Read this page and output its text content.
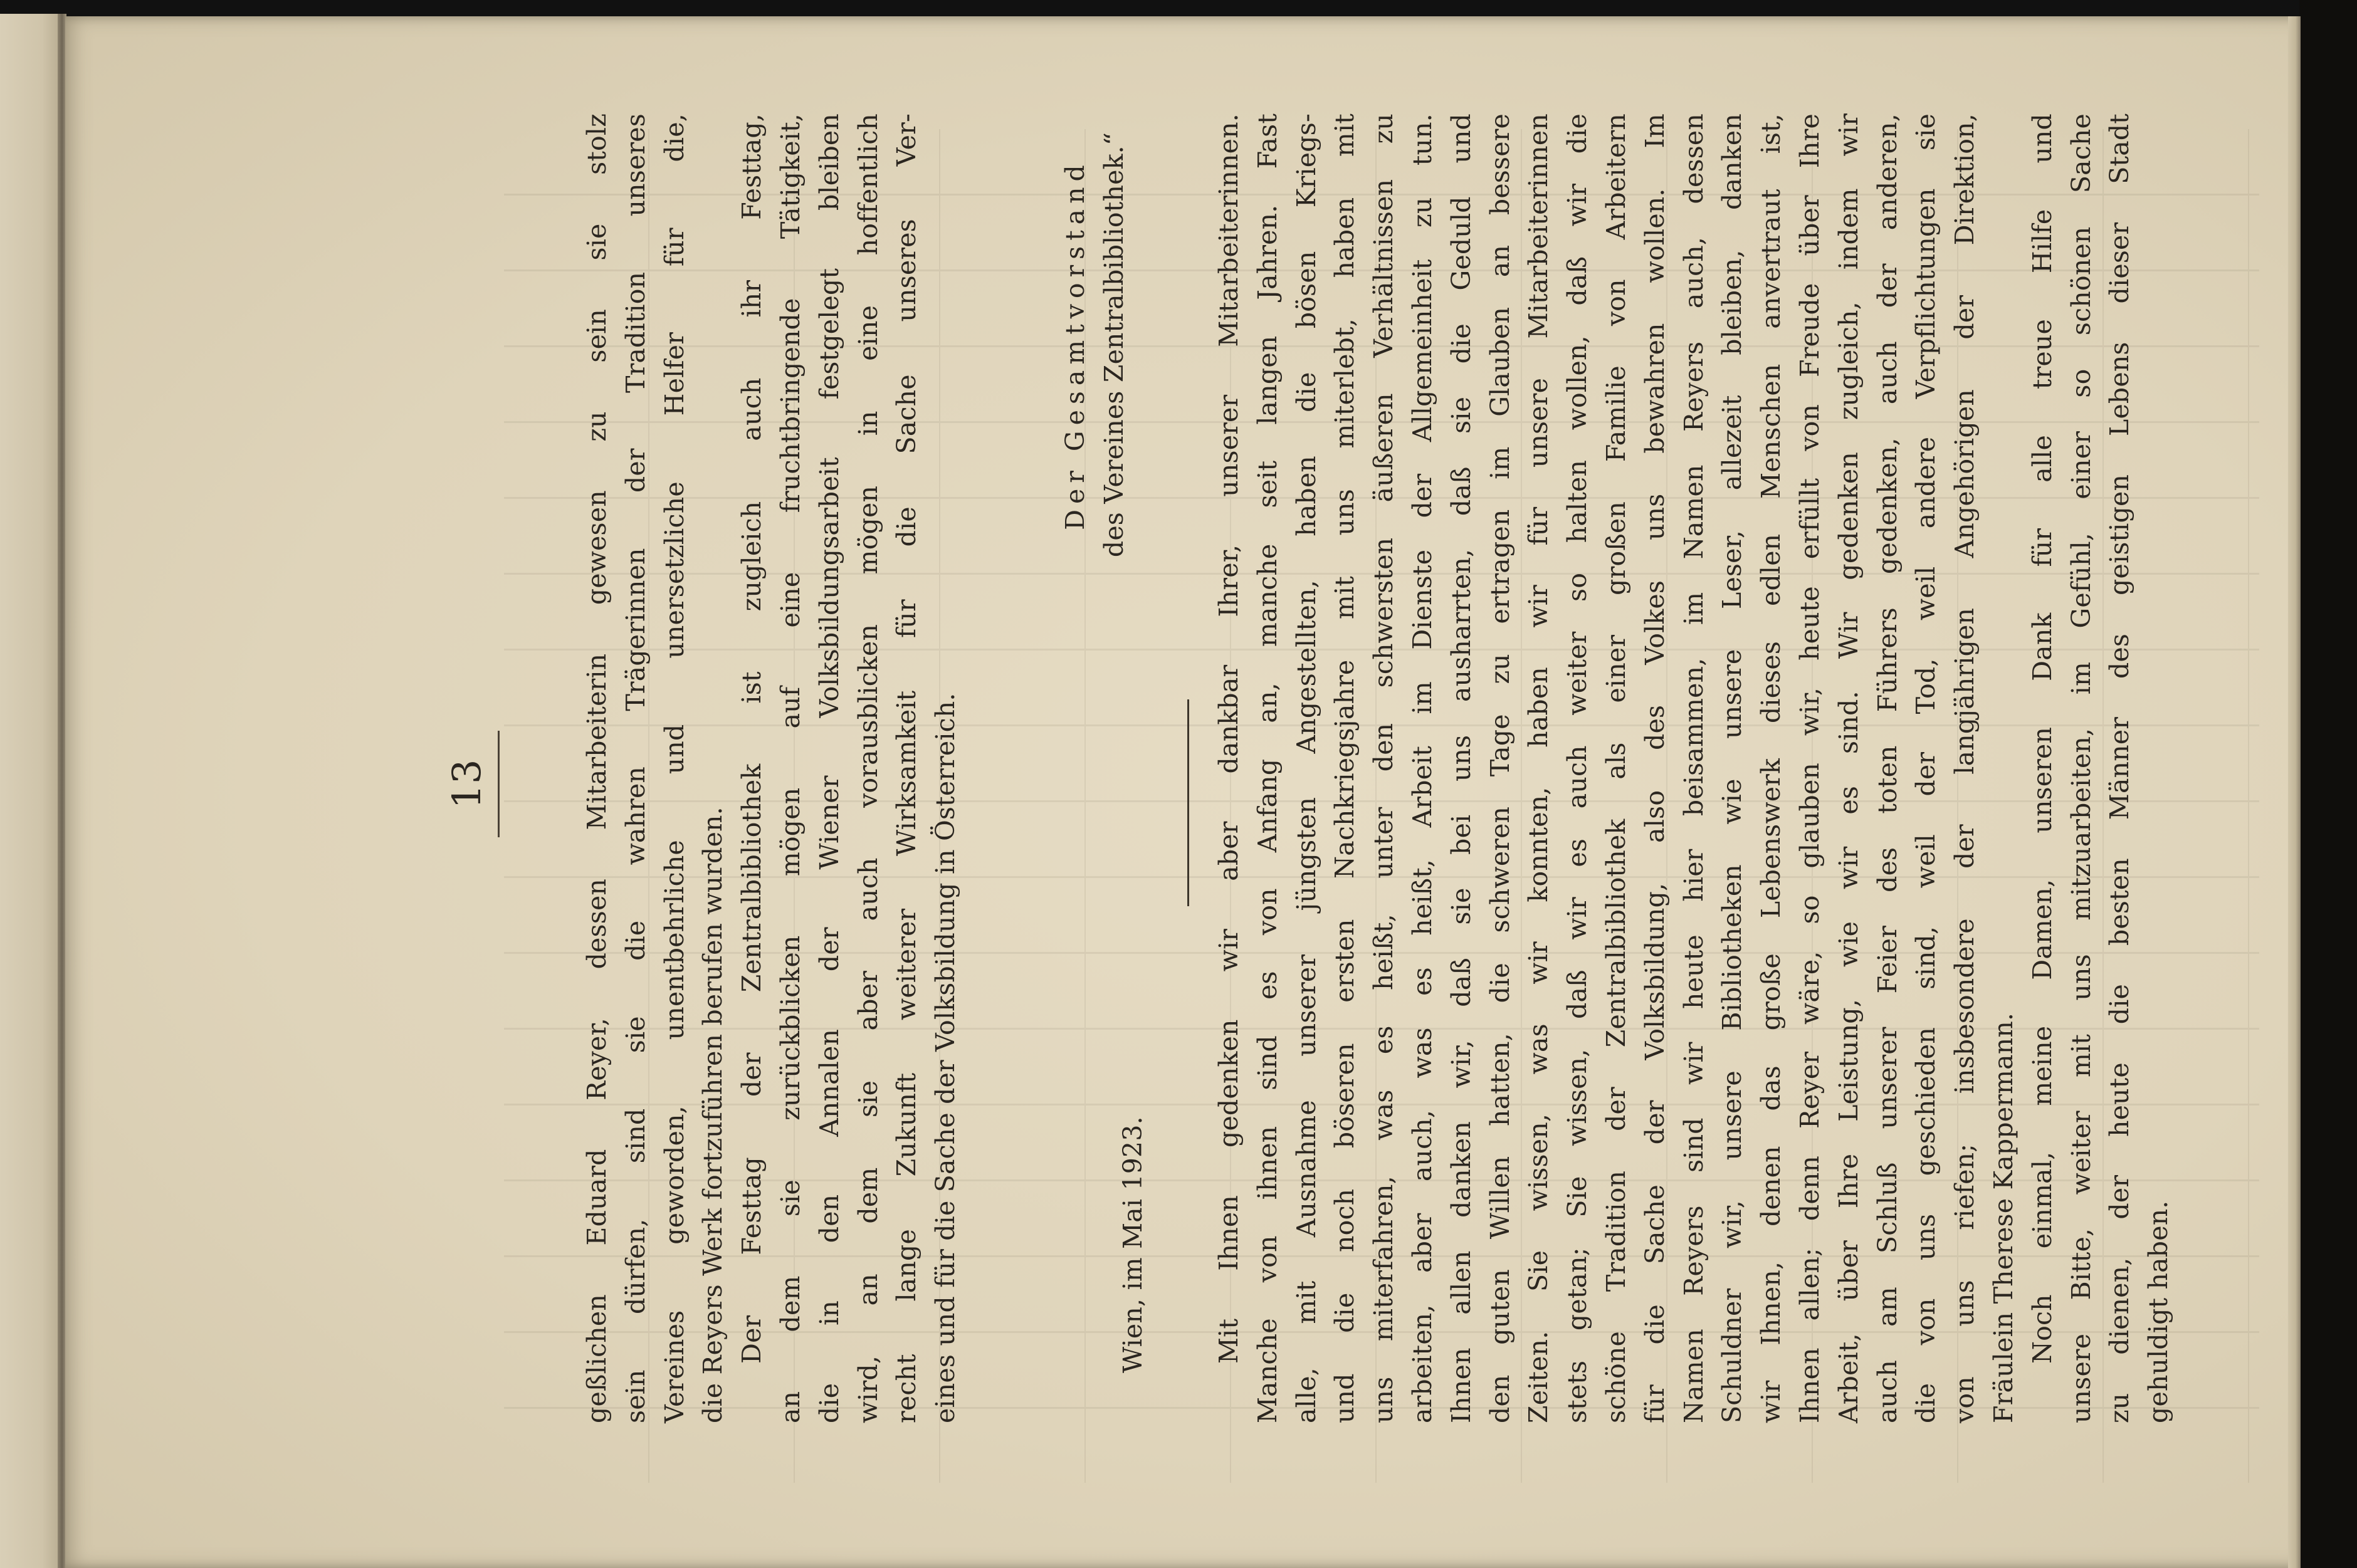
13	geßlichen Eduard Reyer, dessen Mitarbeiterin gewesen zu sein sie stolz sein dürfen, sind sie die wahren Trägerinnen der Tradition unseres Vereines geworden, unentbehrliche und unersetzliche Helfer für die, die Reyers Werk fortzuführen berufen wurden. Der Festtag der Zentralbibliothek ist zugleich auch ihr Festtag, an dem sie zurückblicken mögen auf eine fruchtbringende Tätigkeit, die in den Annalen der Wiener Volksbildungsarbeit festgelegt bleiben wird, an dem sie aber auch vorausblicken mögen in eine hoffentlich recht lange Zukunft weiterer Wirksamkeit für die Sache unseres Ver- eines und für die Sache der Volksbildung in Österreich.	Wien, im Mai 1923.
Der Gesamtvorstand des Vereines Zentralbibliothek.“	Mit Ihnen gedenken wir aber dankbar Ihrer, unserer Mitarbeiterinnen. Manche von ihnen sind es von Anfang an, manche seit langen Jahren. Fast alle, mit Ausnahme unserer jüngsten Angestellten, haben die bösen Kriegs- und die noch böseren ersten Nachkriegsjahre mit uns miterlebt, haben mit uns miterfahren, was es heißt, unter den schwersten äußeren Verhältnissen zu arbeiten, aber auch, was es heißt, Arbeit im Dienste der Allgemeinheit zu tun. Ihnen allen danken wir, daß sie bei uns ausharrten, daß sie die Geduld und den guten Willen hatten, die schweren Tage zu ertragen im Glauben an bessere Zeiten. Sie wissen, was wir konnten, haben wir für unsere Mitarbeiterinnen stets getan; Sie wissen, daß wir es auch weiter so halten wollen, daß wir die schöne Tradition der Zentralbibliothek als einer großen Familie von Arbeitern für die Sache der Volksbildung, also des Volkes uns bewahren wollen. Im Namen Reyers sind wir heute hier beisammen, im Namen Reyers auch, dessen Schuldner wir, unsere Bibliotheken wie unsere Leser, allezeit bleiben, danken wir Ihnen, denen das große Lebenswerk dieses edlen Menschen anvertraut ist, Ihnen allen; denn Reyer wäre, so glauben wir, heute erfüllt von Freude über Ihre Arbeit, über Ihre Leistung, wie wir es sind. Wir gedenken zugleich, indem wir auch am Schluß unserer Feier des toten Führers gedenken, auch der anderen, die von uns geschieden sind, weil der Tod, weil andere Verpflichtungen sie von uns riefen; insbesondere der langjährigen Angehörigen der Direktion, Fräulein Therese Kappermann. Noch einmal, meine Damen, unseren Dank für alle treue Hilfe und unsere Bitte, weiter mit uns mitzuarbeiten, im Gefühl, einer so schönen Sache zu dienen, der heute die besten Männer des geistigen Lebens dieser Stadt gehuldigt haben.
